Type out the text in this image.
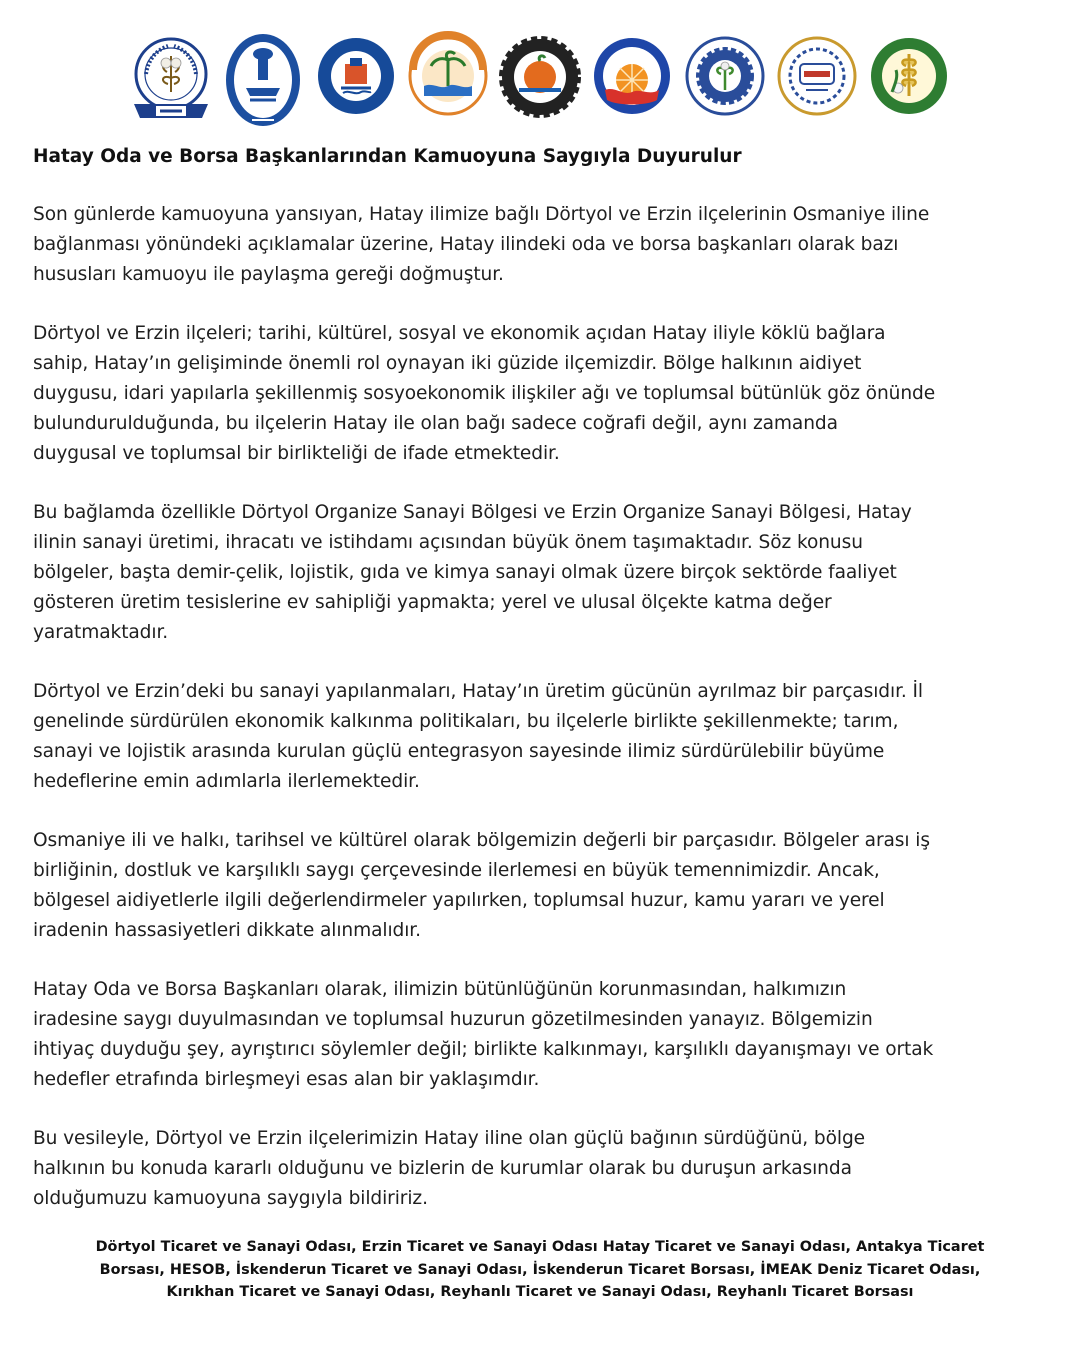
Hatay Oda ve Borsa Başkanlarından Kamuoyuna Saygıyla Duyurulur

Son günlerde kamuoyuna yansıyan, Hatay ilimize bağlı Dörtyol ve Erzin ilçelerinin Osmaniye iline
bağlanması yönündeki açıklamalar üzerine, Hatay ilindeki oda ve borsa başkanları olarak bazı
hususları kamuoyu ile paylaşma gereği doğmuştur.

Dörtyol ve Erzin ilçeleri; tarihi, kültürel, sosyal ve ekonomik açıdan Hatay iliyle köklü bağlara
sahip, Hatay’ın gelişiminde önemli rol oynayan iki güzide ilçemizdir. Bölge halkının aidiyet
duygusu, idari yapılarla şekillenmiş sosyoekonomik ilişkiler ağı ve toplumsal bütünlük göz önünde
bulundurulduğunda, bu ilçelerin Hatay ile olan bağı sadece coğrafi değil, aynı zamanda
duygusal ve toplumsal bir birlikteliği de ifade etmektedir.

Bu bağlamda özellikle Dörtyol Organize Sanayi Bölgesi ve Erzin Organize Sanayi Bölgesi, Hatay
ilinin sanayi üretimi, ihracatı ve istihdamı açısından büyük önem taşımaktadır. Söz konusu
bölgeler, başta demir-çelik, lojistik, gıda ve kimya sanayi olmak üzere birçok sektörde faaliyet
gösteren üretim tesislerine ev sahipliği yapmakta; yerel ve ulusal ölçekte katma değer
yaratmaktadır.

Dörtyol ve Erzin’deki bu sanayi yapılanmaları, Hatay’ın üretim gücünün ayrılmaz bir parçasıdır. İl
genelinde sürdürülen ekonomik kalkınma politikaları, bu ilçelerle birlikte şekillenmekte; tarım,
sanayi ve lojistik arasında kurulan güçlü entegrasyon sayesinde ilimiz sürdürülebilir büyüme
hedeflerine emin adımlarla ilerlemektedir.

Osmaniye ili ve halkı, tarihsel ve kültürel olarak bölgemizin değerli bir parçasıdır. Bölgeler arası iş
birliğinin, dostluk ve karşılıklı saygı çerçevesinde ilerlemesi en büyük temennimizdir. Ancak,
bölgesel aidiyetlerle ilgili değerlendirmeler yapılırken, toplumsal huzur, kamu yararı ve yerel
iradenin hassasiyetleri dikkate alınmalıdır.

Hatay Oda ve Borsa Başkanları olarak, ilimizin bütünlüğünün korunmasından, halkımızın
iradesine saygı duyulmasından ve toplumsal huzurun gözetilmesinden yanayız. Bölgemizin
ihtiyaç duyduğu şey, ayrıştırıcı söylemler değil; birlikte kalkınmayı, karşılıklı dayanışmayı ve ortak
hedefler etrafında birleşmeyi esas alan bir yaklaşımdır.

Bu vesileyle, Dörtyol ve Erzin ilçelerimizin Hatay iline olan güçlü bağının sürdüğünü, bölge
halkının bu konuda kararlı olduğunu ve bizlerin de kurumlar olarak bu duruşun arkasında
olduğumuzu kamuoyuna saygıyla bildiririz.

Dörtyol Ticaret ve Sanayi Odası, Erzin Ticaret ve Sanayi Odası Hatay Ticaret ve Sanayi Odası, Antakya Ticaret
Borsası, HESOB, İskenderun Ticaret ve Sanayi Odası, İskenderun Ticaret Borsası, İMEAK Deniz Ticaret Odası,
Kırıkhan Ticaret ve Sanayi Odası, Reyhanlı Ticaret ve Sanayi Odası, Reyhanlı Ticaret Borsası
